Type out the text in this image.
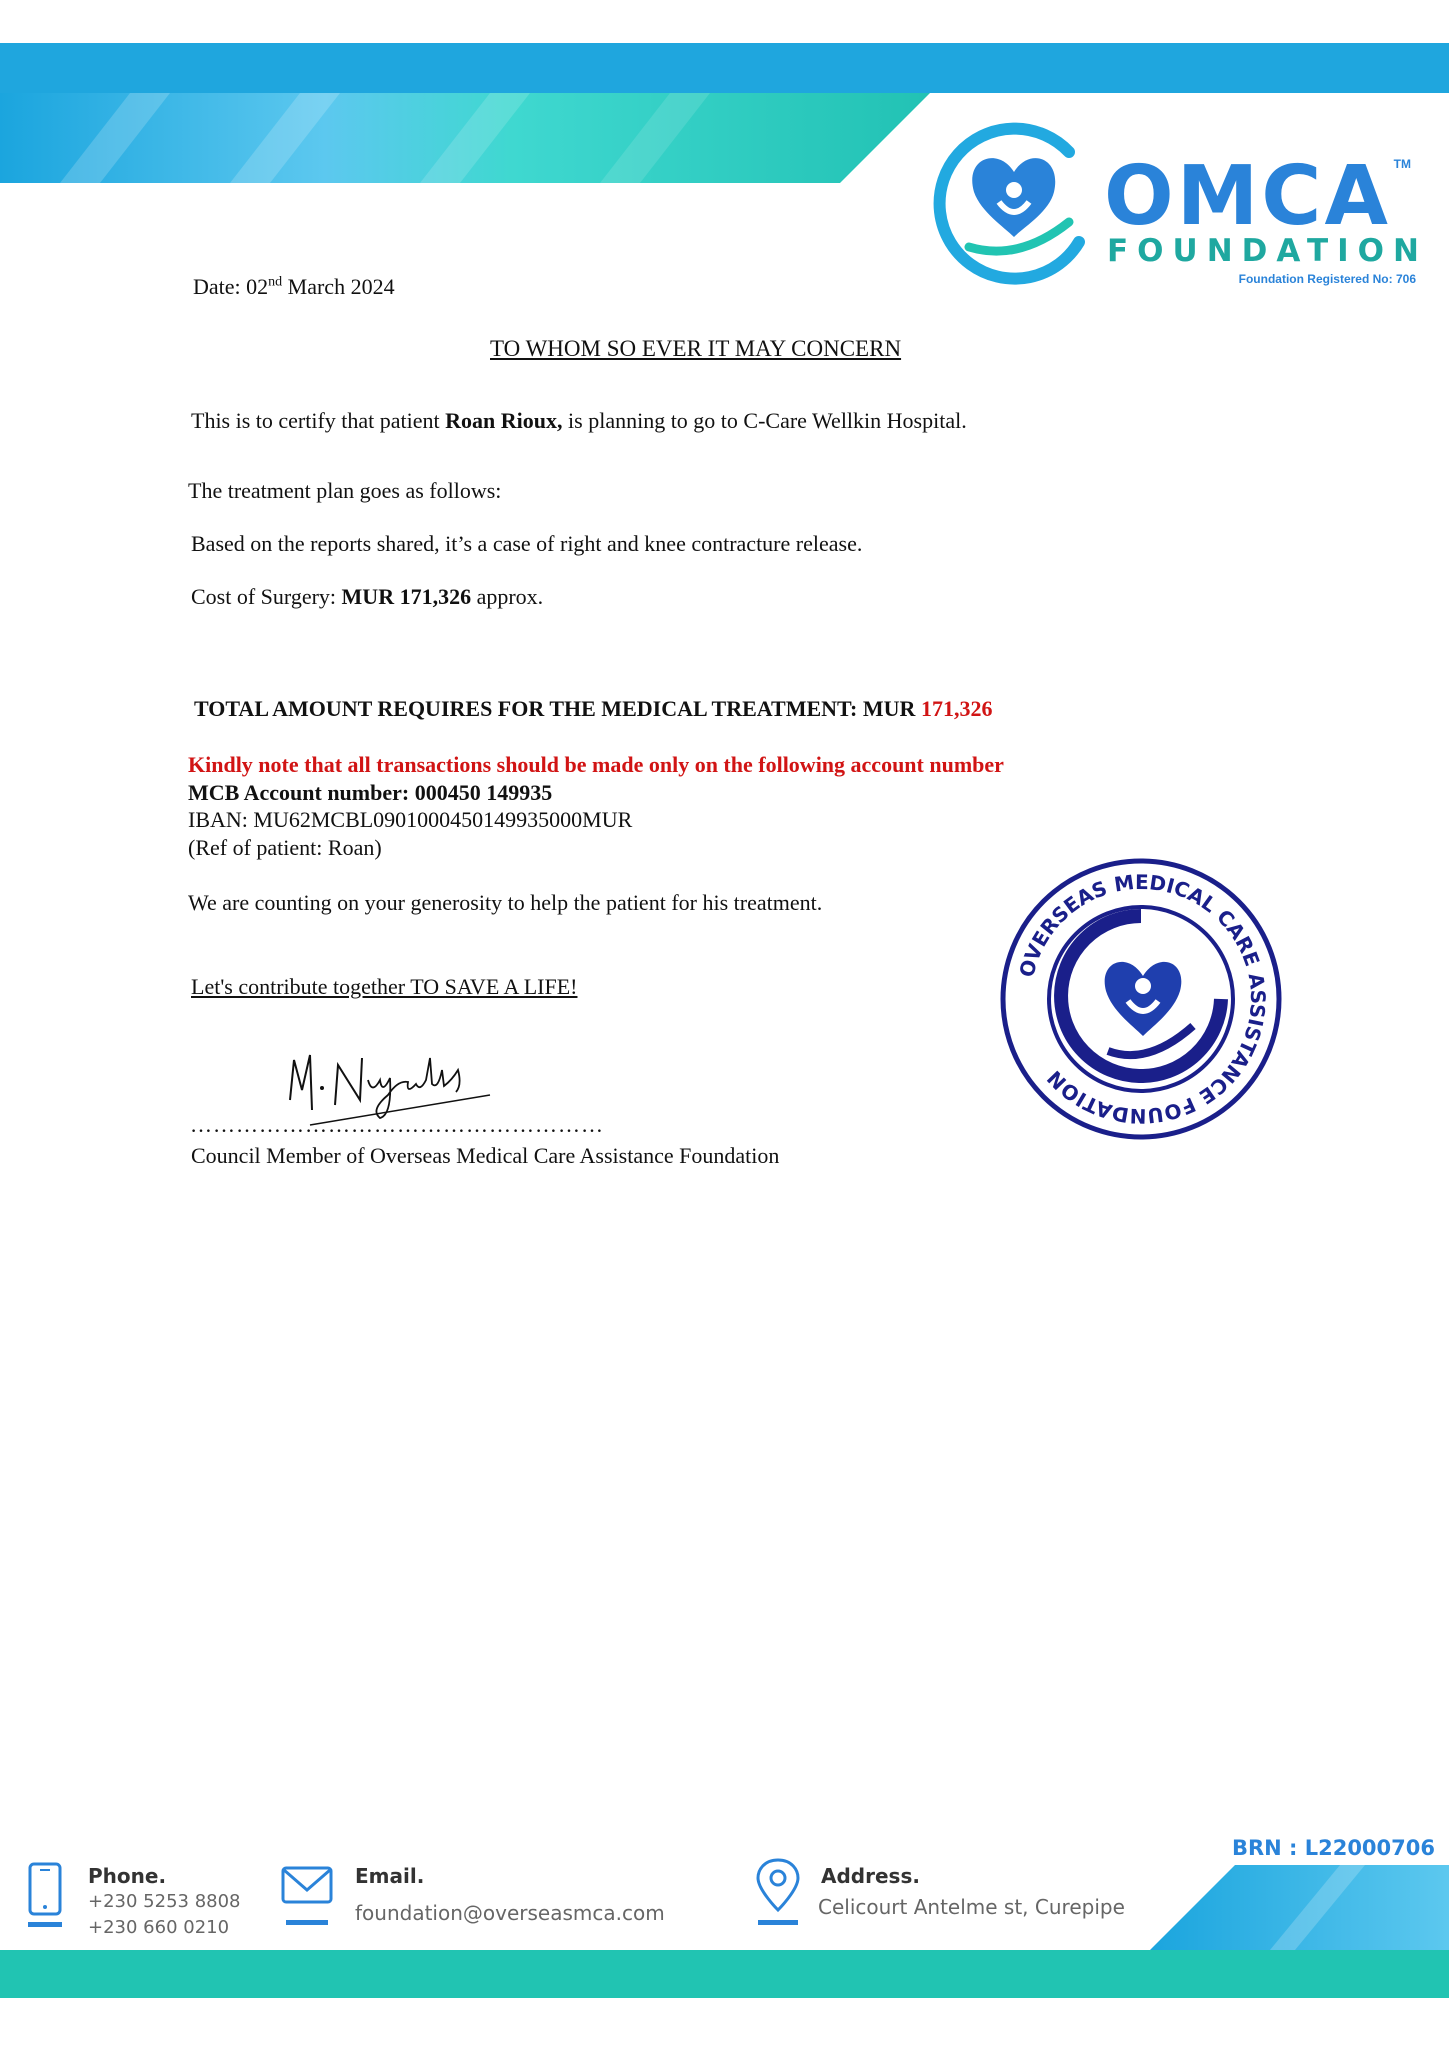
OMCA TM
FOUNDATION
Foundation Registered No: 706
Date: 02nd March 2024
TO WHOM SO EVER IT MAY CONCERN
This is to certify that patient Roan Rioux, is planning to go to C-Care Wellkin Hospital.
The treatment plan goes as follows:
Based on the reports shared, it’s a case of right and knee contracture release.
Cost of Surgery: MUR 171,326 approx.
TOTAL AMOUNT REQUIRES FOR THE MEDICAL TREATMENT: MUR 171,326
Kindly note that all transactions should be made only on the following account number
MCB Account number: 000450 149935
IBAN: MU62MCBL0901000450149935000MUR
(Ref of patient: Roan)
We are counting on your generosity to help the patient for his treatment.
Let's contribute together TO SAVE A LIFE!
………………………………………………
Council Member of Overseas Medical Care Assistance Foundation
OVERSEAS MEDICAL CARE ASSISTANCE FOUNDATION
BRN : L22000706
Phone.
+230 5253 8808
+230 660 0210
Email.
foundation@overseasmca.com
Address.
Celicourt Antelme st, Curepipe
